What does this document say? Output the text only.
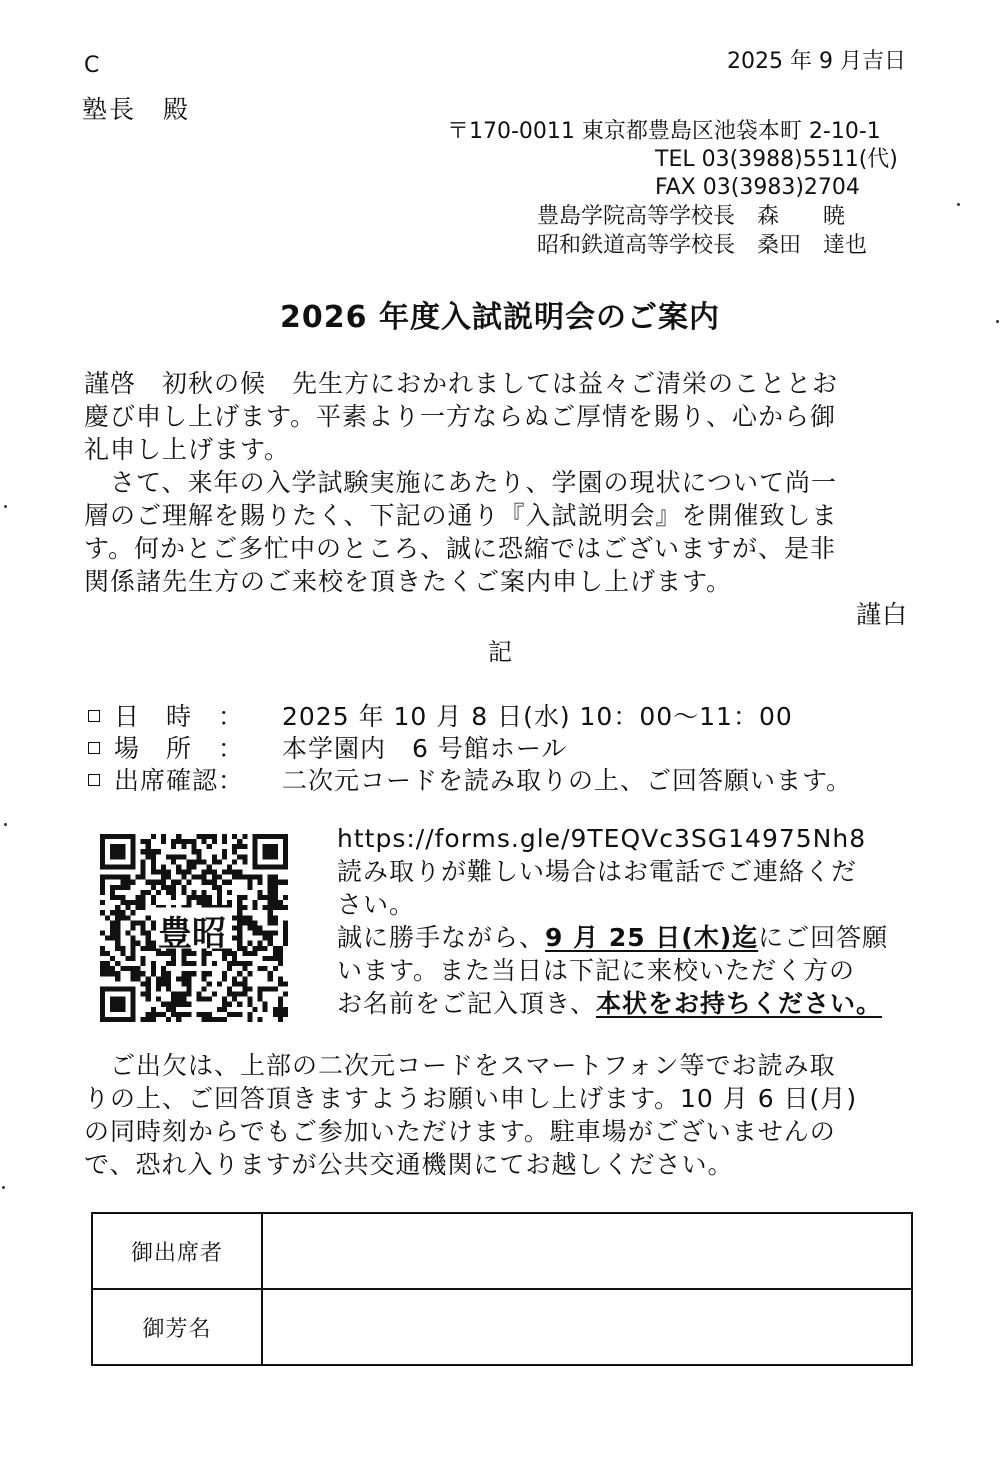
C	2025 年 9 月吉日
塾長　殿
〒170-0011 東京都豊島区池袋本町 2-10-1
TEL 03(3988)5511(代)
FAX 03(3983)2704
豊島学院高等学校長　森　　暁
昭和鉄道高等学校長　桑田　達也
2026 年度入試説明会のご案内
謹啓　初秋の候　先生方におかれましては益々ご清栄のこととお
慶び申し上げます。平素より一方ならぬご厚情を賜り、心から御
礼申し上げます。
　さて、来年の入学試験実施にあたり、学園の現状について尚一
層のご理解を賜りたく、下記の通り『入試説明会』を開催致しま
す。何かとご多忙中のところ、誠に恐縮ではございますが、是非
関係諸先生方のご来校を頂きたくご案内申し上げます。
謹白
記
日　時　： 2025 年 10 月 8 日(水) 10：00〜11：00
場　所　： 本学園内　6 号館ホール
出席確認： 二次元コードを読み取りの上、ご回答願います。
豊昭
https://forms.gle/9TEQVc3SG14975Nh8
読み取りが難しい場合はお電話でご連絡くだ
さい。
誠に勝手ながら、9 月 25 日(木)迄にご回答願
います。また当日は下記に来校いただく方の
お名前をご記入頂き、本状をお持ちください。
　ご出欠は、上部の二次元コードをスマートフォン等でお読み取
りの上、ご回答頂きますようお願い申し上げます。10 月 6 日(月)
の同時刻からでもご参加いただけます。駐車場がございませんの
で、恐れ入りますが公共交通機関にてお越しください。
御出席者	
御芳名	
